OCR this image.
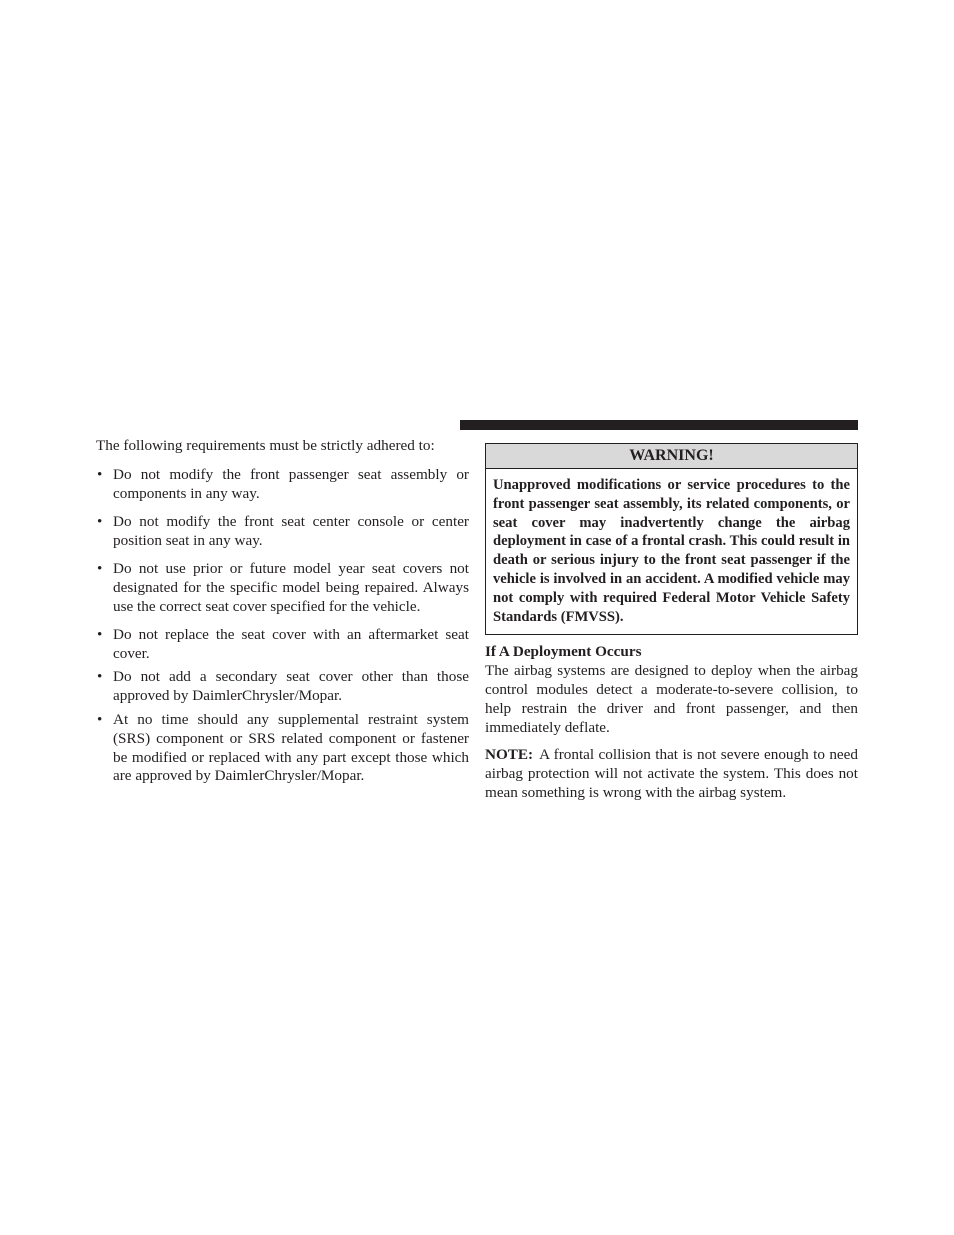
The following requirements must be strictly adhered to:

• Do not modify the front passenger seat assembly or components in any way.
• Do not modify the front seat center console or center position seat in any way.
• Do not use prior or future model year seat covers not designated for the specific model being repaired. Always use the correct seat cover specified for the vehicle.
• Do not replace the seat cover with an aftermarket seat cover.
• Do not add a secondary seat cover other than those approved by DaimlerChrysler/Mopar.
• At no time should any supplemental restraint system (SRS) component or SRS related component or fastener be modified or replaced with any part except those which are approved by DaimlerChrysler/Mopar.
WARNING!
Unapproved modifications or service procedures to the front passenger seat assembly, its related components, or seat cover may inadvertently change the airbag deployment in case of a frontal crash. This could result in death or serious injury to the front seat passenger if the vehicle is involved in an accident. A modified vehicle may not comply with required Federal Motor Vehicle Safety Standards (FMVSS).
If A Deployment Occurs

The airbag systems are designed to deploy when the airbag control modules detect a moderate-to-severe collision, to help restrain the driver and front passenger, and then immediately deflate.

NOTE: A frontal collision that is not severe enough to need airbag protection will not activate the system. This does not mean something is wrong with the airbag system.
